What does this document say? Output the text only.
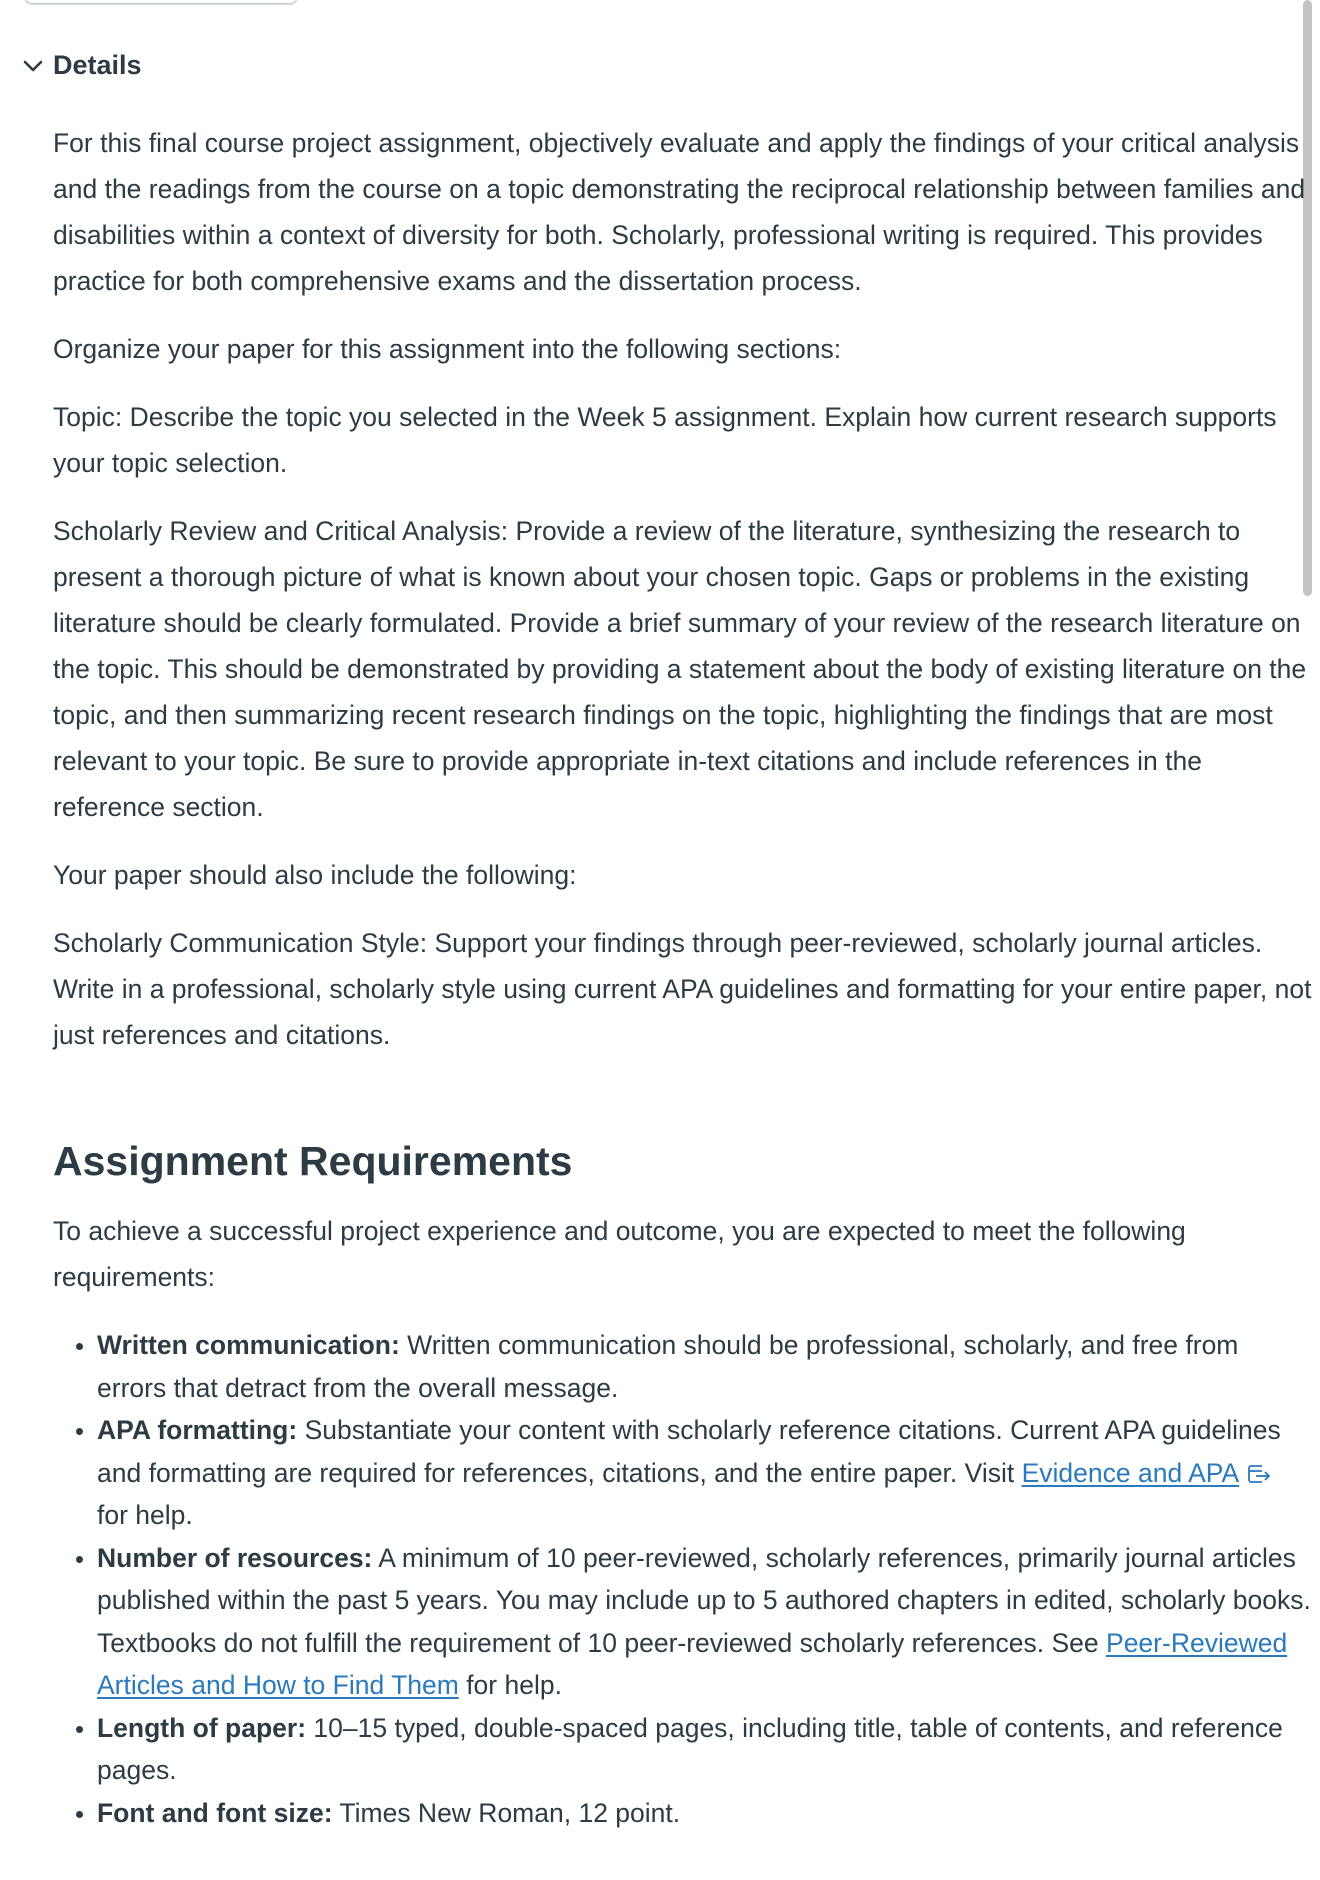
Details

For this final course project assignment, objectively evaluate and apply the findings of your critical analysis and the readings from the course on a topic demonstrating the reciprocal relationship between families and disabilities within a context of diversity for both. Scholarly, professional writing is required. This provides practice for both comprehensive exams and the dissertation process.

Organize your paper for this assignment into the following sections:

Topic: Describe the topic you selected in the Week 5 assignment. Explain how current research supports your topic selection.

Scholarly Review and Critical Analysis: Provide a review of the literature, synthesizing the research to present a thorough picture of what is known about your chosen topic. Gaps or problems in the existing literature should be clearly formulated. Provide a brief summary of your review of the research literature on the topic. This should be demonstrated by providing a statement about the body of existing literature on the topic, and then summarizing recent research findings on the topic, highlighting the findings that are most relevant to your topic. Be sure to provide appropriate in-text citations and include references in the reference section.

Your paper should also include the following:

Scholarly Communication Style: Support your findings through peer-reviewed, scholarly journal articles. Write in a professional, scholarly style using current APA guidelines and formatting for your entire paper, not just references and citations.

Assignment Requirements

To achieve a successful project experience and outcome, you are expected to meet the following requirements:

• Written communication: Written communication should be professional, scholarly, and free from errors that detract from the overall message.
• APA formatting: Substantiate your content with scholarly reference citations. Current APA guidelines and formatting are required for references, citations, and the entire paper. Visit Evidence and APA for help.
• Number of resources: A minimum of 10 peer-reviewed, scholarly references, primarily journal articles published within the past 5 years. You may include up to 5 authored chapters in edited, scholarly books. Textbooks do not fulfill the requirement of 10 peer-reviewed scholarly references. See Peer-Reviewed Articles and How to Find Them for help.
• Length of paper: 10–15 typed, double-spaced pages, including title, table of contents, and reference pages.
• Font and font size: Times New Roman, 12 point.
